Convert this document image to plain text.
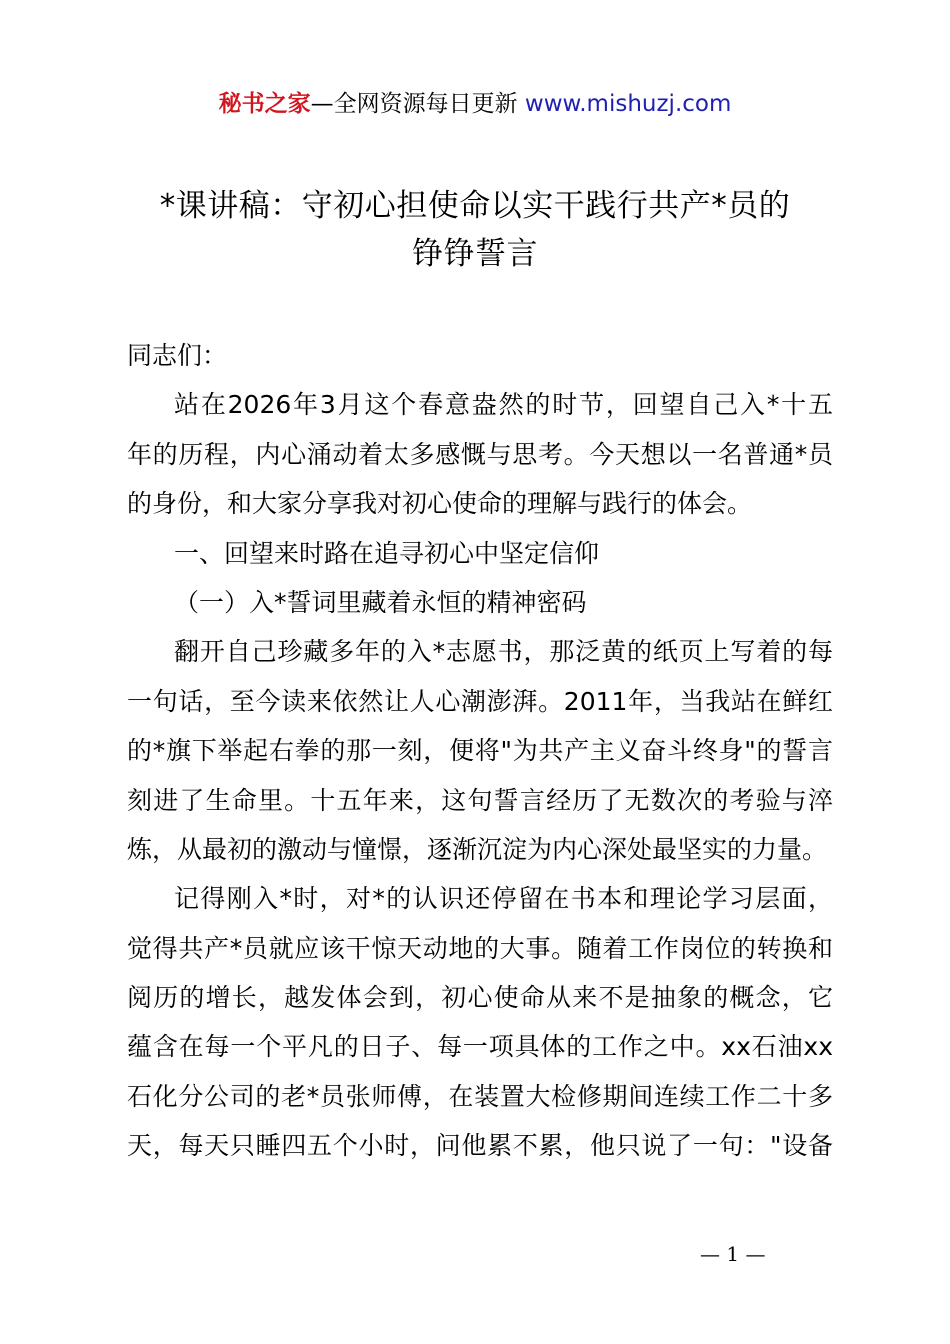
秘书之家—全网资源每日更新 www.mishuzj.com
*课讲稿：守初心担使命以实干践行共产*员的
铮铮誓言
同志们：
站在2026年3月这个春意盎然的时节，回望自己入*十五
年的历程，内心涌动着太多感慨与思考。今天想以一名普通*员
的身份，和大家分享我对初心使命的理解与践行的体会。
一、回望来时路在追寻初心中坚定信仰
（一）入*誓词里藏着永恒的精神密码
翻开自己珍藏多年的入*志愿书，那泛黄的纸页上写着的每
一句话，至今读来依然让人心潮澎湃。2011年，当我站在鲜红
的*旗下举起右拳的那一刻，便将"为共产主义奋斗终身"的誓言
刻进了生命里。十五年来，这句誓言经历了无数次的考验与淬
炼，从最初的激动与憧憬，逐渐沉淀为内心深处最坚实的力量。
记得刚入*时，对*的认识还停留在书本和理论学习层面，
觉得共产*员就应该干惊天动地的大事。随着工作岗位的转换和
阅历的增长，越发体会到，初心使命从来不是抽象的概念，它
蕴含在每一个平凡的日子、每一项具体的工作之中。xx石油xx
石化分公司的老*员张师傅，在装置大检修期间连续工作二十多
天，每天只睡四五个小时，问他累不累，他只说了一句："设备
— 1 —
